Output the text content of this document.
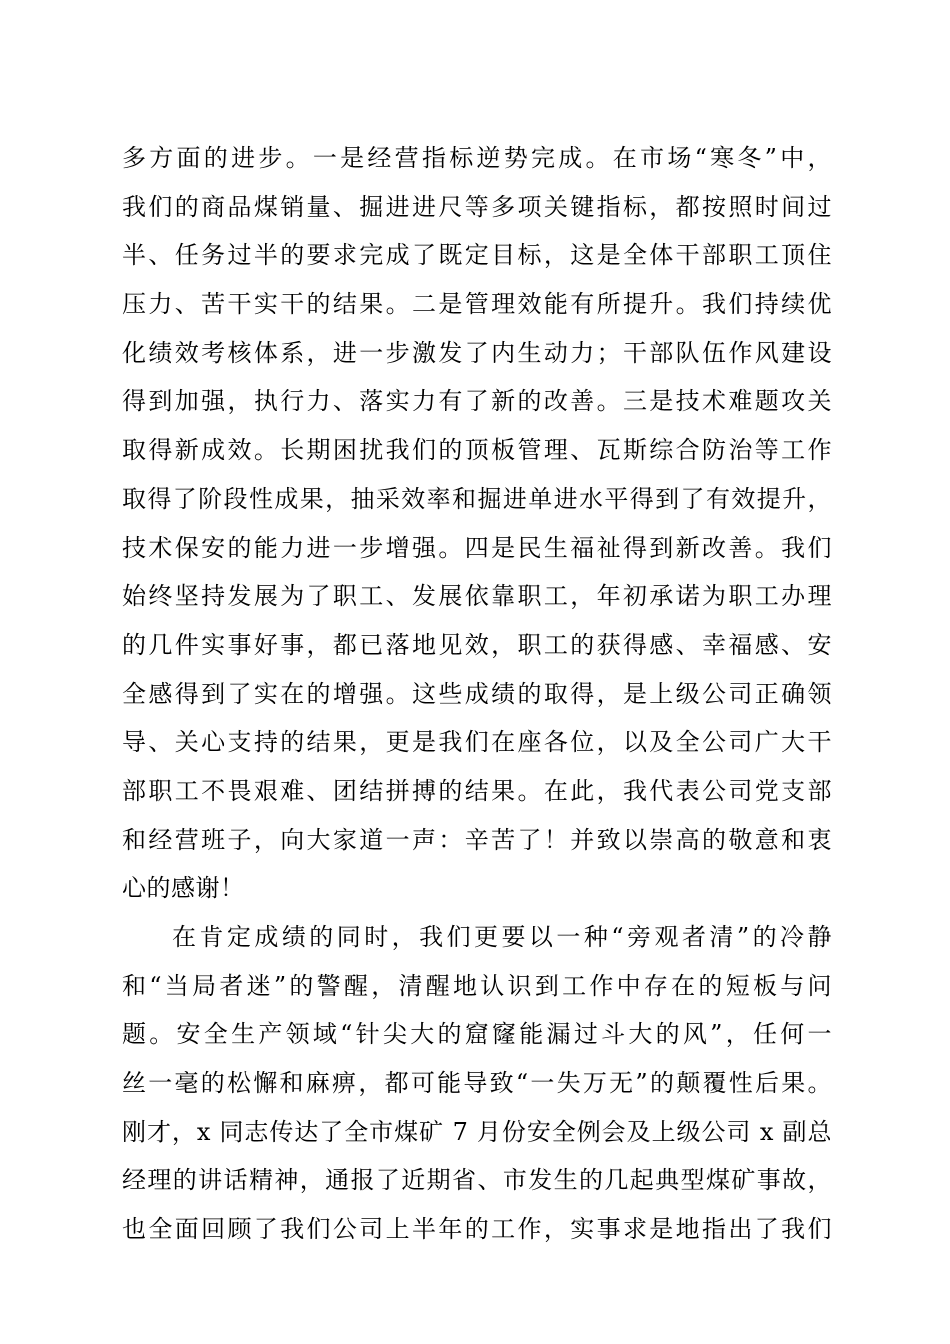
多方面的进步。一是经营指标逆势完成。在市场“寒冬”中，
我们的商品煤销量、掘进进尺等多项关键指标，都按照时间过
半、任务过半的要求完成了既定目标，这是全体干部职工顶住
压力、苦干实干的结果。二是管理效能有所提升。我们持续优
化绩效考核体系，进一步激发了内生动力；干部队伍作风建设
得到加强，执行力、落实力有了新的改善。三是技术难题攻关
取得新成效。长期困扰我们的顶板管理、瓦斯综合防治等工作
取得了阶段性成果，抽采效率和掘进单进水平得到了有效提升，
技术保安的能力进一步增强。四是民生福祉得到新改善。我们
始终坚持发展为了职工、发展依靠职工，年初承诺为职工办理
的几件实事好事，都已落地见效，职工的获得感、幸福感、安
全感得到了实在的增强。这些成绩的取得，是上级公司正确领
导、关心支持的结果，更是我们在座各位，以及全公司广大干
部职工不畏艰难、团结拼搏的结果。在此，我代表公司党支部
和经营班子，向大家道一声：辛苦了！并致以崇高的敬意和衷
心的感谢！
在肯定成绩的同时，我们更要以一种“旁观者清”的冷静
和“当局者迷”的警醒，清醒地认识到工作中存在的短板与问
题。安全生产领域“针尖大的窟窿能漏过斗大的风”，任何一
丝一毫的松懈和麻痹，都可能导致“一失万无”的颠覆性后果。
刚才，x 同志传达了全市煤矿 7 月份安全例会及上级公司 x 副总
经理的讲话精神，通报了近期省、市发生的几起典型煤矿事故，
也全面回顾了我们公司上半年的工作，实事求是地指出了我们
